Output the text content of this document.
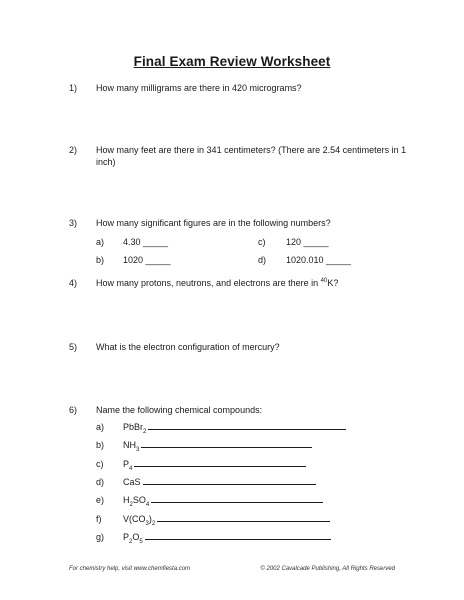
Final Exam Review Worksheet
1) How many milligrams are there in 420 micrograms?
2) How many feet are there in 341 centimeters? (There are 2.54 centimeters in 1 inch)
3) How many significant figures are in the following numbers?
a) 4.30 _____	c) 120 _____
b) 1020 _____	d) 1020.010 _____
4) How many protons, neutrons, and electrons are there in $^{40}$K?
5) What is the electron configuration of mercury?
6) Name the following chemical compounds:
a) PbBr$_2$
b) $NH_3$
c) $P_4$
d) CaS
e) $H_2SO_4$
f) $V(CO_3)_2$
g) $P_2O_5$
For chemistry help, visit www.chemfiesta.com	© 2002 Cavalcade Publishing, All Rights Reserved
